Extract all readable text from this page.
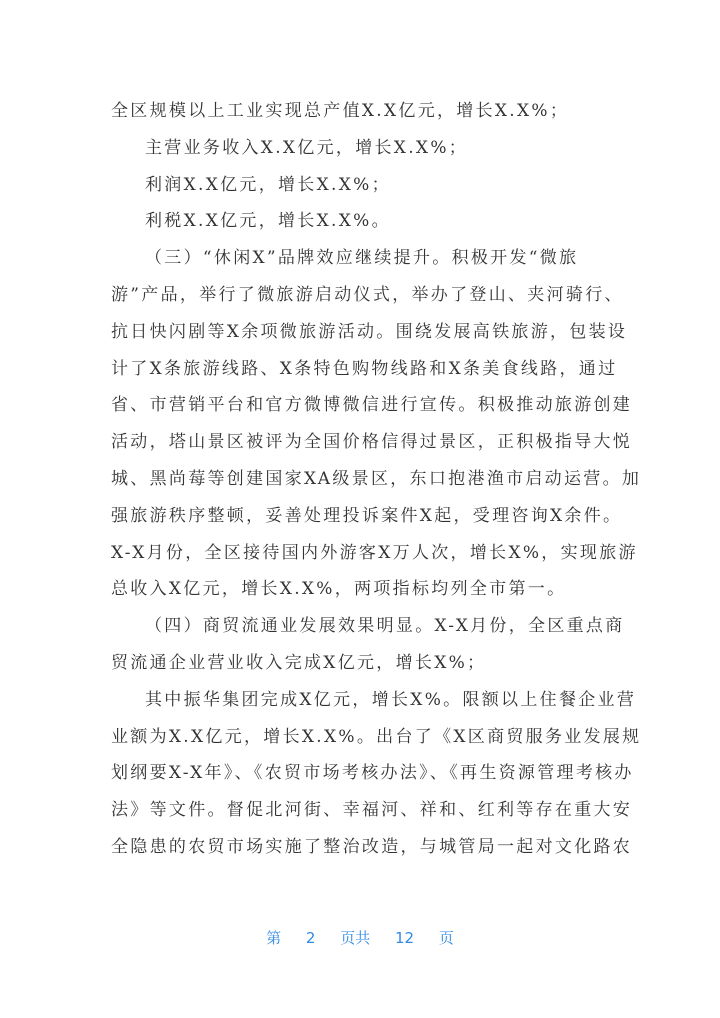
全区规模以上工业实现总产值X.X亿元，增长X.X%；
主营业务收入X.X亿元，增长X.X%；
利润X.X亿元，增长X.X%；
利税X.X亿元，增长X.X%。
（三）“休闲X”品牌效应继续提升。积极开发“微旅
游”产品，举行了微旅游启动仪式，举办了登山、夹河骑行、
抗日快闪剧等X余项微旅游活动。围绕发展高铁旅游，包装设
计了X条旅游线路、X条特色购物线路和X条美食线路，通过
省、市营销平台和官方微博微信进行宣传。积极推动旅游创建
活动，塔山景区被评为全国价格信得过景区，正积极指导大悦
城、黑尚莓等创建国家XA级景区，东口抱港渔市启动运营。加
强旅游秩序整顿，妥善处理投诉案件X起，受理咨询X余件。
X-X月份，全区接待国内外游客X万人次，增长X%，实现旅游
总收入X亿元，增长X.X%，两项指标均列全市第一。
（四）商贸流通业发展效果明显。X-X月份，全区重点商
贸流通企业营业收入完成X亿元，增长X%；
其中振华集团完成X亿元，增长X%。限额以上住餐企业营
业额为X.X亿元，增长X.X%。出台了《X区商贸服务业发展规
划纲要X-X年》、《农贸市场考核办法》、《再生资源管理考核办
法》等文件。督促北河街、幸福河、祥和、红利等存在重大安
全隐患的农贸市场实施了整治改造，与城管局一起对文化路农
第 2 页共 12 页
